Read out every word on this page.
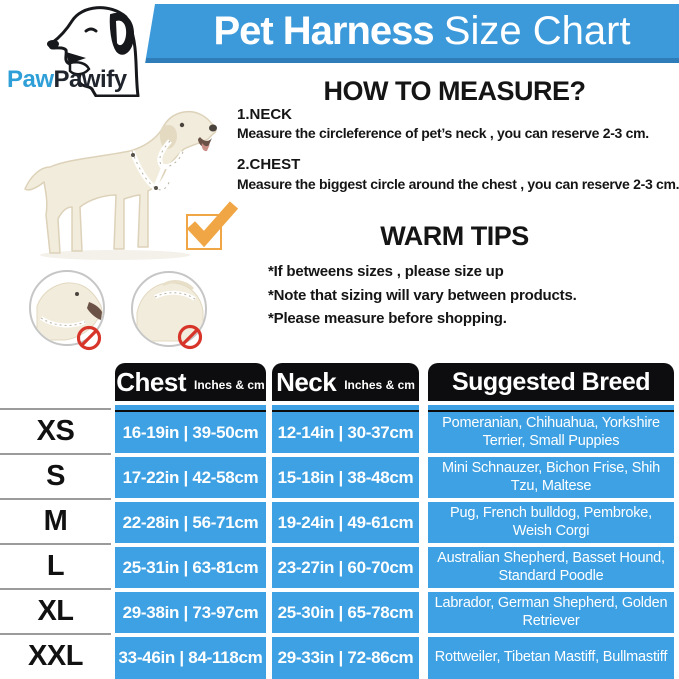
Pet Harness Size Chart
PawPawify	HOW TO MEASURE?
1.NECK
Measure the circleference of pet’s neck , you can reserve 2-3 cm.
2.CHEST
Measure the biggest circle around the chest , you can reserve 2-3 cm.
WARM TIPS
*If betweens sizes , please size up
*Note that sizing will vary between products.
*Please measure before shopping.
XS
S
M
L
XL
XXL
Chest Inches & cm
16-19in | 39-50cm
17-22in | 42-58cm
22-28in | 56-71cm
25-31in | 63-81cm
29-38in | 73-97cm
33-46in | 84-118cm
Neck Inches & cm
12-14in | 30-37cm
15-18in | 38-48cm
19-24in | 49-61cm
23-27in | 60-70cm
25-30in | 65-78cm
29-33in | 72-86cm
Suggested Breed
Pomeranian, Chihuahua, Yorkshire Terrier, Small Puppies
Mini Schnauzer, Bichon Frise, Shih Tzu, Maltese
Pug, French bulldog, Pembroke, Weish Corgi
Australian Shepherd, Basset Hound, Standard Poodle
Labrador, German Shepherd, Golden Retriever
Rottweiler, Tibetan Mastiff, Bullmastiff
